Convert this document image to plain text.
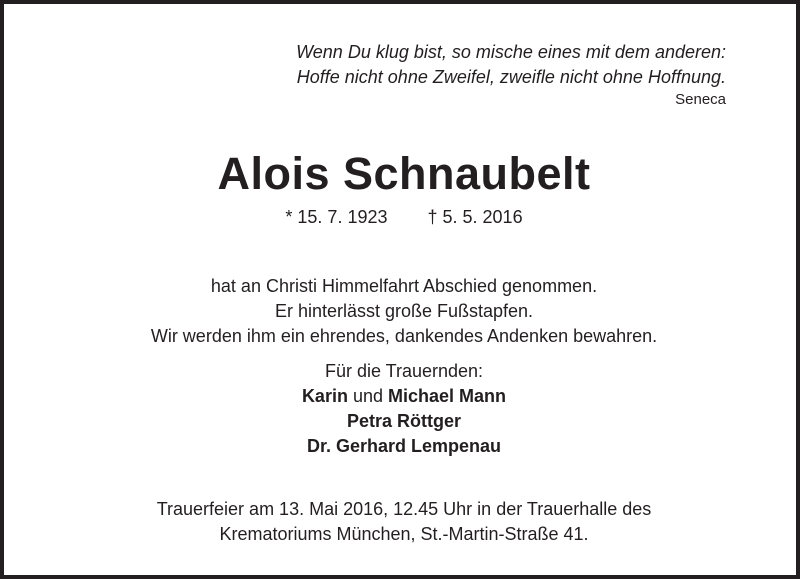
Wenn Du klug bist, so mische eines mit dem anderen:
Hoffe nicht ohne Zweifel, zweifle nicht ohne Hoffnung.
Seneca
Alois Schnaubelt
* 15. 7. 1923 † 5. 5. 2016
hat an Christi Himmelfahrt Abschied genommen.
Er hinterlässt große Fußstapfen.
Wir werden ihm ein ehrendes, dankendes Andenken bewahren.
Für die Trauernden:
Karin und Michael Mann
Petra Röttger
Dr. Gerhard Lempenau
Trauerfeier am 13. Mai 2016, 12.45 Uhr in der Trauerhalle des
Krematoriums München, St.-Martin-Straße 41.
